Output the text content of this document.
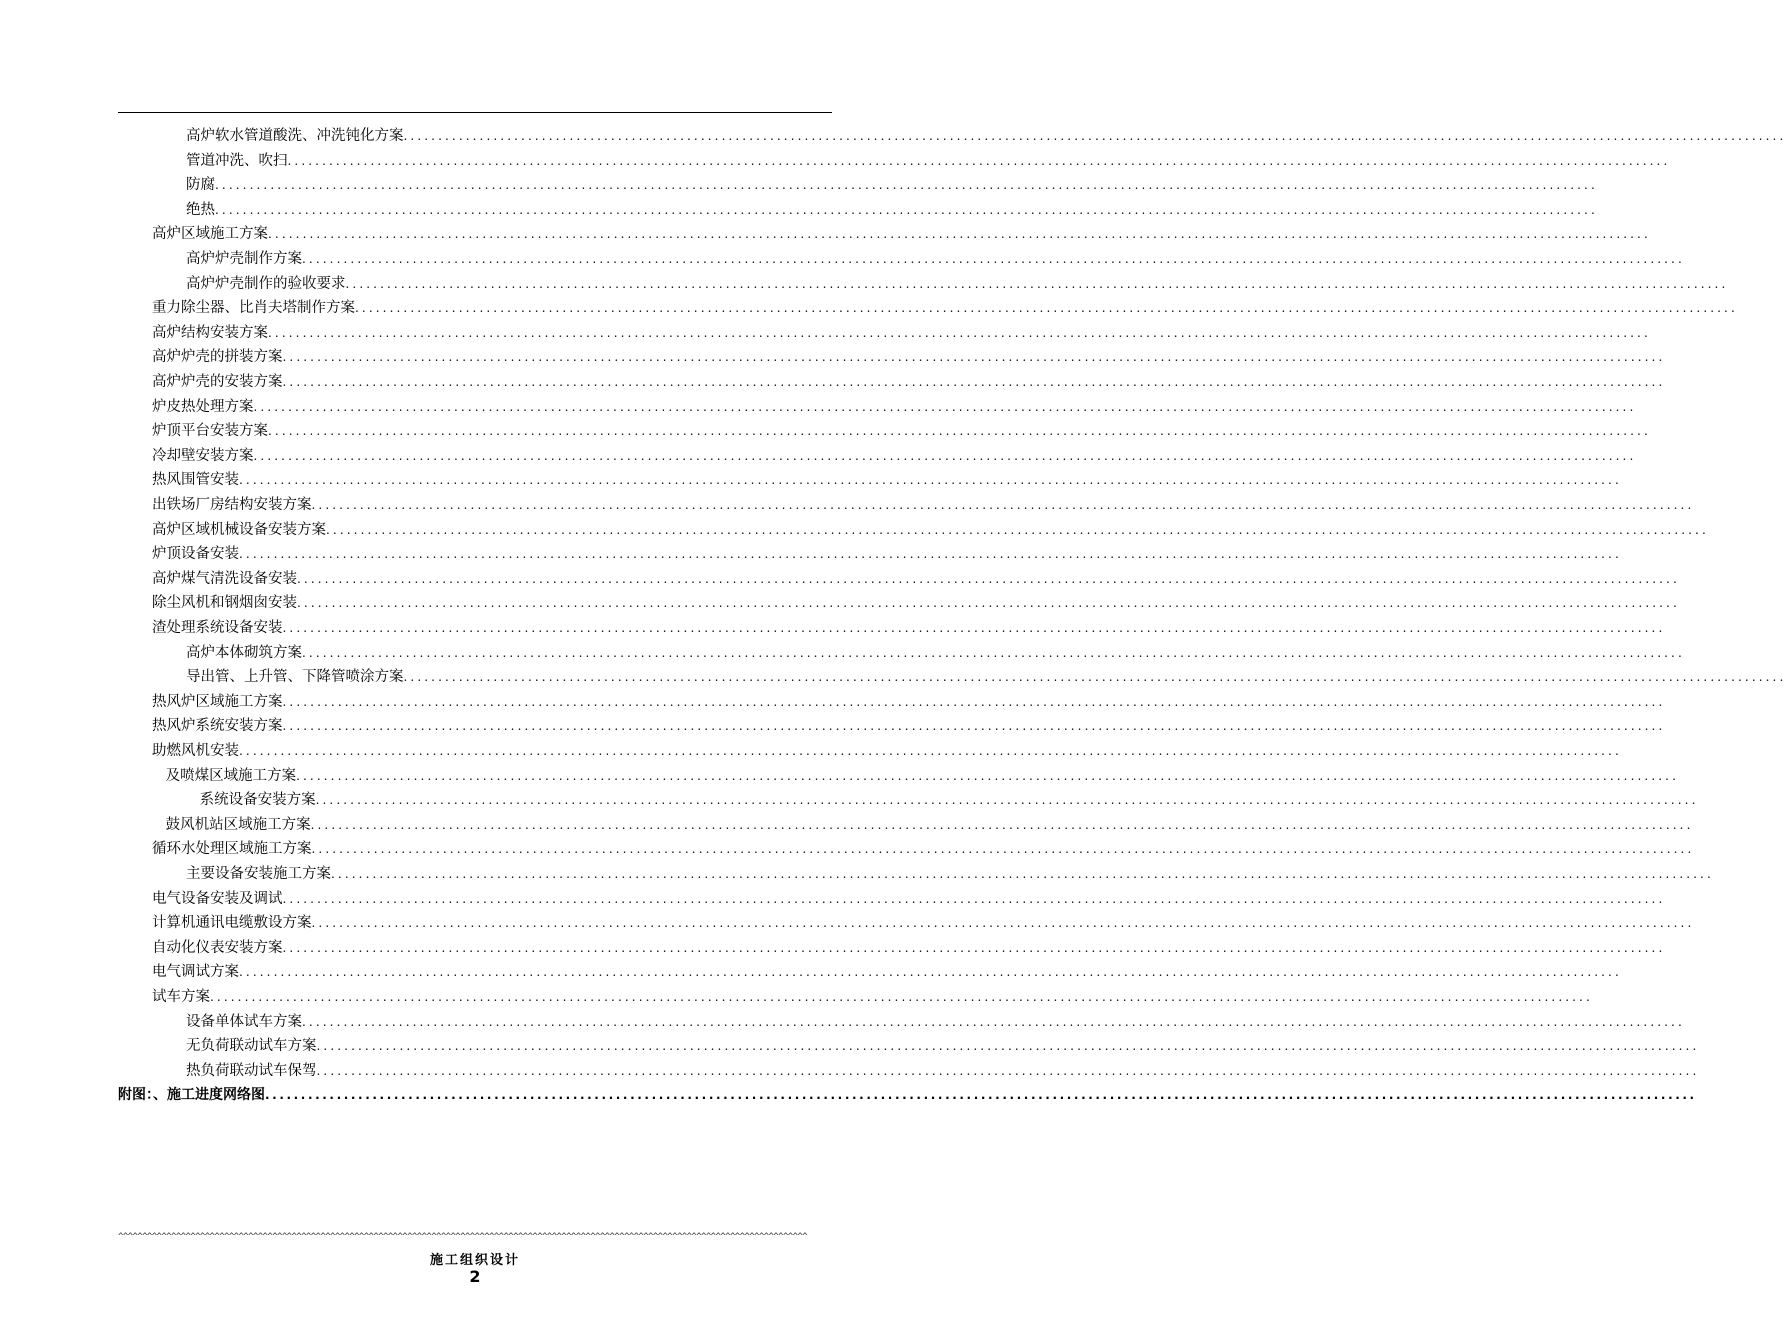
高炉软水管道酸洗、冲洗钝化方案 ........................................................................................................................................................................................................
管道冲洗、吹扫 ........................................................................................................................................................................................................
防腐 ........................................................................................................................................................................................................
绝热 ........................................................................................................................................................................................................
高炉区域施工方案 ........................................................................................................................................................................................................
高炉炉壳制作方案 ........................................................................................................................................................................................................
高炉炉壳制作的验收要求 ........................................................................................................................................................................................................
重力除尘器、比肖夫塔制作方案 ........................................................................................................................................................................................................
高炉结构安装方案 ........................................................................................................................................................................................................
高炉炉壳的拼装方案 ........................................................................................................................................................................................................
高炉炉壳的安装方案 ........................................................................................................................................................................................................
炉皮热处理方案 ........................................................................................................................................................................................................
炉顶平台安装方案 ........................................................................................................................................................................................................
冷却壁安装方案 ........................................................................................................................................................................................................
热风围管安装 ........................................................................................................................................................................................................
出铁场厂房结构安装方案 ........................................................................................................................................................................................................
高炉区域机械设备安装方案 ........................................................................................................................................................................................................
炉顶设备安装 ........................................................................................................................................................................................................
高炉煤气清洗设备安装 ........................................................................................................................................................................................................
除尘风机和钢烟囱安装 ........................................................................................................................................................................................................
渣处理系统设备安装 ........................................................................................................................................................................................................
高炉本体砌筑方案 ........................................................................................................................................................................................................
导出管、上升管、下降管喷涂方案 ........................................................................................................................................................................................................
热风炉区域施工方案 ........................................................................................................................................................................................................
热风炉系统安装方案 ........................................................................................................................................................................................................
助燃风机安装 ........................................................................................................................................................................................................
及喷煤区域施工方案 ........................................................................................................................................................................................................
系统设备安装方案 ........................................................................................................................................................................................................
鼓风机站区域施工方案 ........................................................................................................................................................................................................
循环水处理区域施工方案 ........................................................................................................................................................................................................
主要设备安装施工方案 ........................................................................................................................................................................................................
电气设备安装及调试 ........................................................................................................................................................................................................
计算机通讯电缆敷设方案 ........................................................................................................................................................................................................
自动化仪表安装方案 ........................................................................................................................................................................................................
电气调试方案 ........................................................................................................................................................................................................
试车方案 ........................................................................................................................................................................................................
设备单体试车方案 ........................................................................................................................................................................................................
无负荷联动试车方案 ........................................................................................................................................................................................................
热负荷联动试车保驾 ........................................................................................................................................................................................................
附图：、施工进度网络图 ........................................................................................................................................................................................................
^^^^^^^^^^^^^^^^^^^^^^^^^^^^^^^^^^^^^^^^^^^^^^^^^^^^^^^^^^^^^^^^^^^^^^^^^^^^^^^^^^^^^^^^^^^^^^^^^^^^^^^^^^^^^^^^^^^^^^^^^^^^^^^^^^^^^^^^^^^^^^^
施工组织设计
2
